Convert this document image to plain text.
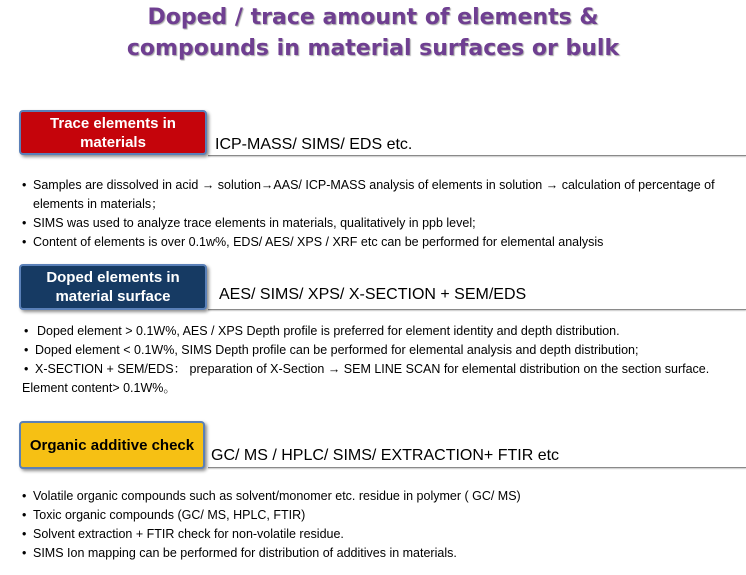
Doped / trace amount of elements &
compounds in material surfaces or bulk
Trace elements in materials	ICP-MASS/ SIMS/ EDS etc.
• Samples are dissolved in acid → solution→AAS/ ICP-MASS analysis of elements in solution → calculation of percentage of elements in materials；
• SIMS was used to analyze trace elements in materials, qualitatively in ppb level;
• Content of elements is over 0.1w%, EDS/ AES/ XPS / XRF etc can be performed for elemental analysis
Doped elements in material surface	AES/ SIMS/ XPS/ X-SECTION + SEM/EDS
• Doped element > 0.1W%, AES / XPS Depth profile is preferred for element identity and depth distribution.
• Doped element < 0.1W%, SIMS Depth profile can be performed for elemental analysis and depth distribution;
• X-SECTION + SEM/EDS： preparation of X-Section → SEM LINE SCAN for elemental distribution on the section surface.
Element content> 0.1W%。
Organic additive check
GC/ MS / HPLC/ SIMS/ EXTRACTION+ FTIR etc
• Volatile organic compounds such as solvent/monomer etc. residue in polymer ( GC/ MS)
• Toxic organic compounds (GC/ MS, HPLC, FTIR)
• Solvent extraction + FTIR check for non-volatile residue.
• SIMS Ion mapping can be performed for distribution of additives in materials.
